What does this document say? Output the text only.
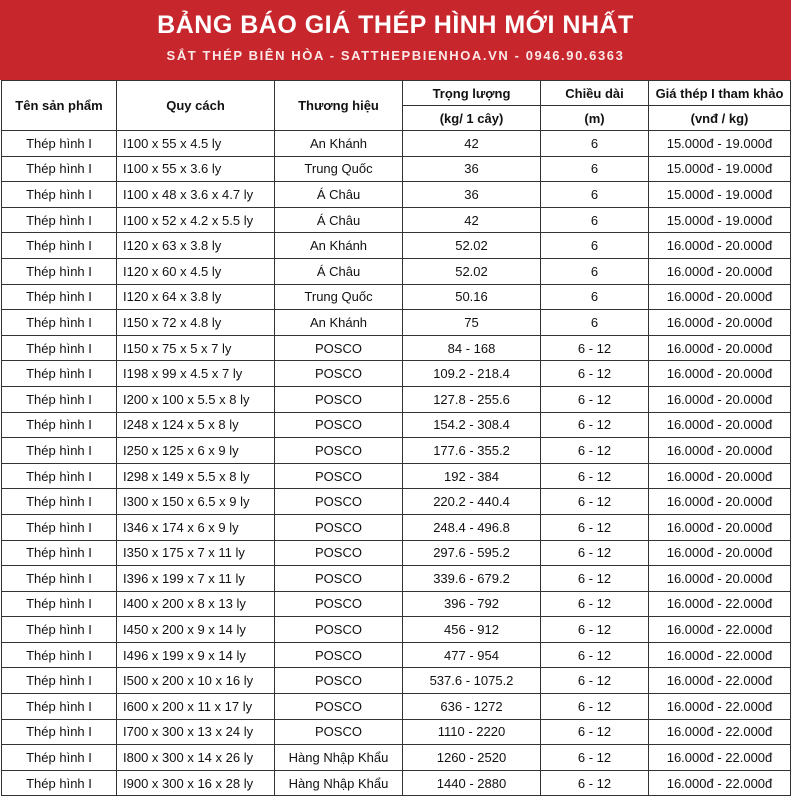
BẢNG BÁO GIÁ THÉP HÌNH MỚI NHẤT
SẮT THÉP BIÊN HÒA - SATTHEPBIENHOA.VN - 0946.90.6363
Tên sản phẩm	Quy cách	Thương hiệu	Trọng lượng	Chiều dài	Giá thép I tham khảo
			(kg/ 1 cây)	(m)	(vnđ / kg)
Thép hình I	I100 x 55 x 4.5 ly	An Khánh	42	6	15.000đ - 19.000đ
Thép hình I	I100 x 55 x 3.6 ly	Trung Quốc	36	6	15.000đ - 19.000đ
Thép hình I	I100 x 48 x 3.6 x 4.7 ly	Á Châu	36	6	15.000đ - 19.000đ
Thép hình I	I100 x 52 x 4.2 x 5.5 ly	Á Châu	42	6	15.000đ - 19.000đ
Thép hình I	I120 x 63 x 3.8 ly	An Khánh	52.02	6	16.000đ - 20.000đ
Thép hình I	I120 x 60 x 4.5 ly	Á Châu	52.02	6	16.000đ - 20.000đ
Thép hình I	I120 x 64 x 3.8 ly	Trung Quốc	50.16	6	16.000đ - 20.000đ
Thép hình I	I150 x 72 x 4.8 ly	An Khánh	75	6	16.000đ - 20.000đ
Thép hình I	I150 x 75 x 5 x 7 ly	POSCO	84 - 168	6 - 12	16.000đ - 20.000đ
Thép hình I	I198 x 99 x 4.5 x 7 ly	POSCO	109.2 - 218.4	6 - 12	16.000đ - 20.000đ
Thép hình I	I200 x 100 x 5.5 x 8 ly	POSCO	127.8 - 255.6	6 - 12	16.000đ - 20.000đ
Thép hình I	I248 x 124 x 5 x 8 ly	POSCO	154.2 - 308.4	6 - 12	16.000đ - 20.000đ
Thép hình I	I250 x 125 x 6 x 9 ly	POSCO	177.6 - 355.2	6 - 12	16.000đ - 20.000đ
Thép hình I	I298 x 149 x 5.5 x 8 ly	POSCO	192 - 384	6 - 12	16.000đ - 20.000đ
Thép hình I	I300 x 150 x 6.5 x 9 ly	POSCO	220.2 - 440.4	6 - 12	16.000đ - 20.000đ
Thép hình I	I346 x 174 x 6 x 9 ly	POSCO	248.4 - 496.8	6 - 12	16.000đ - 20.000đ
Thép hình I	I350 x 175 x 7 x 11 ly	POSCO	297.6 - 595.2	6 - 12	16.000đ - 20.000đ
Thép hình I	I396 x 199 x 7 x 11 ly	POSCO	339.6 - 679.2	6 - 12	16.000đ - 20.000đ
Thép hình I	I400 x 200 x 8 x 13 ly	POSCO	396 - 792	6 - 12	16.000đ - 22.000đ
Thép hình I	I450 x 200 x 9 x 14 ly	POSCO	456 - 912	6 - 12	16.000đ - 22.000đ
Thép hình I	I496 x 199 x 9 x 14 ly	POSCO	477 - 954	6 - 12	16.000đ - 22.000đ
Thép hình I	I500 x 200 x 10 x 16 ly	POSCO	537.6 - 1075.2	6 - 12	16.000đ - 22.000đ
Thép hình I	I600 x 200 x 11 x 17 ly	POSCO	636 - 1272	6 - 12	16.000đ - 22.000đ
Thép hình I	I700 x 300 x 13 x 24 ly	POSCO	1110 - 2220	6 - 12	16.000đ - 22.000đ
Thép hình I	I800 x 300 x 14 x 26 ly	Hàng Nhập Khẩu	1260 - 2520	6 - 12	16.000đ - 22.000đ
Thép hình I	I900 x 300 x 16 x 28 ly	Hàng Nhập Khẩu	1440 - 2880	6 - 12	16.000đ - 22.000đ
